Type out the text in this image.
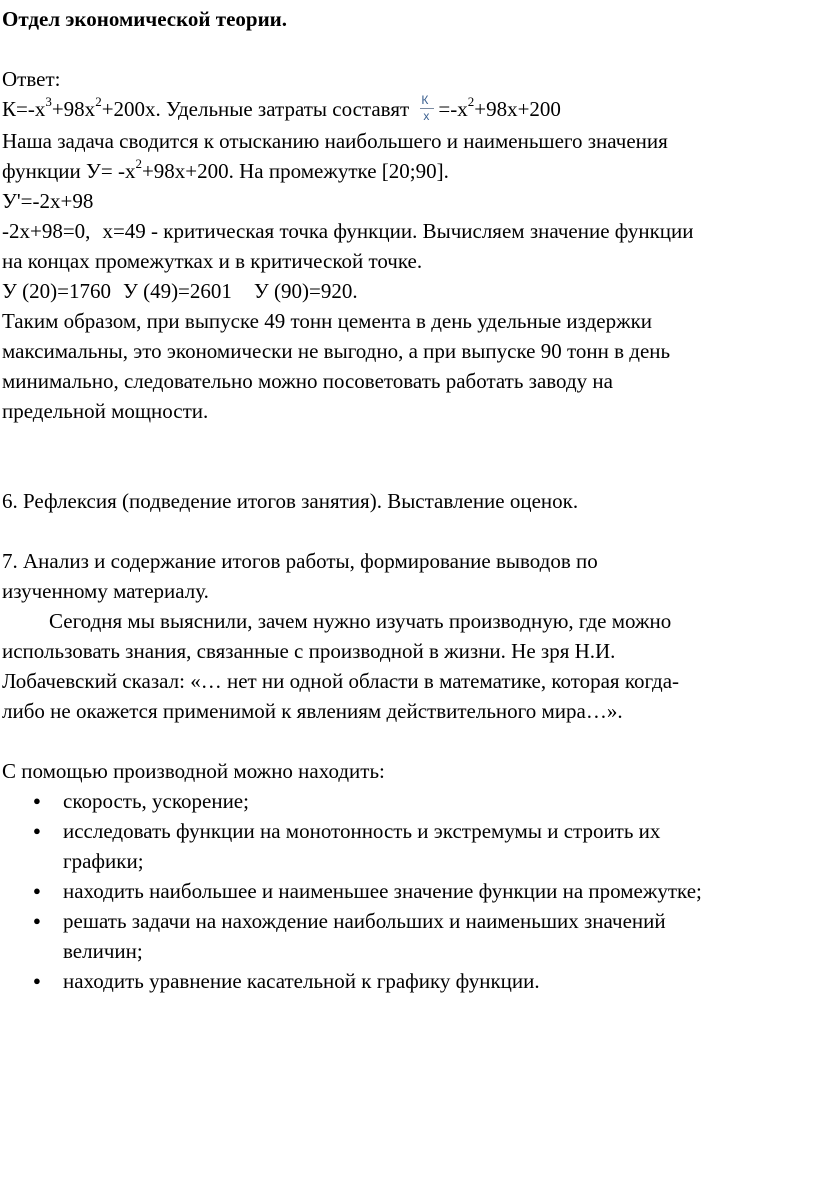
Отдел экономической теории.

Ответ:

$К=-х^3+98х^2+200х$. Удельные затраты составят $\frac{К}{х} =-х^2+98х+200$

Наша задача сводится к отысканию наибольшего и наименьшего значения

функции $У= -х^2+98х+200$. На промежутке [20;90].

У'=-2х+98

-2х+98=0, х=49 - критическая точка функции. Вычисляем значение функции

на концах промежутках и в критической точке.

У (20)=1760 У (49)=2601 У (90)=920.

Таким образом, при выпуске 49 тонн цемента в день удельные издержки

максимальны, это экономически не выгодно, а при выпуске 90 тонн в день

минимально, следовательно можно посоветовать работать заводу на

предельной мощности.

6. Рефлексия (подведение итогов занятия). Выставление оценок.

7. Анализ и содержание итогов работы, формирование выводов по

изученному материалу.

Сегодня мы выяснили, зачем нужно изучать производную, где можно

использовать знания, связанные с производной в жизни. Не зря Н.И.

Лобачевский сказал: «… нет ни одной области в математике, которая когда-

либо не окажется применимой к явлениям действительного мира…».

С помощью производной можно находить:

● скорость, ускорение;
● исследовать функции на монотонность и экстремумы и строить их
графики;
● находить наибольшее и наименьшее значение функции на промежутке;
● решать задачи на нахождение наибольших и наименьших значений
величин;
● находить уравнение касательной к графику функции.
